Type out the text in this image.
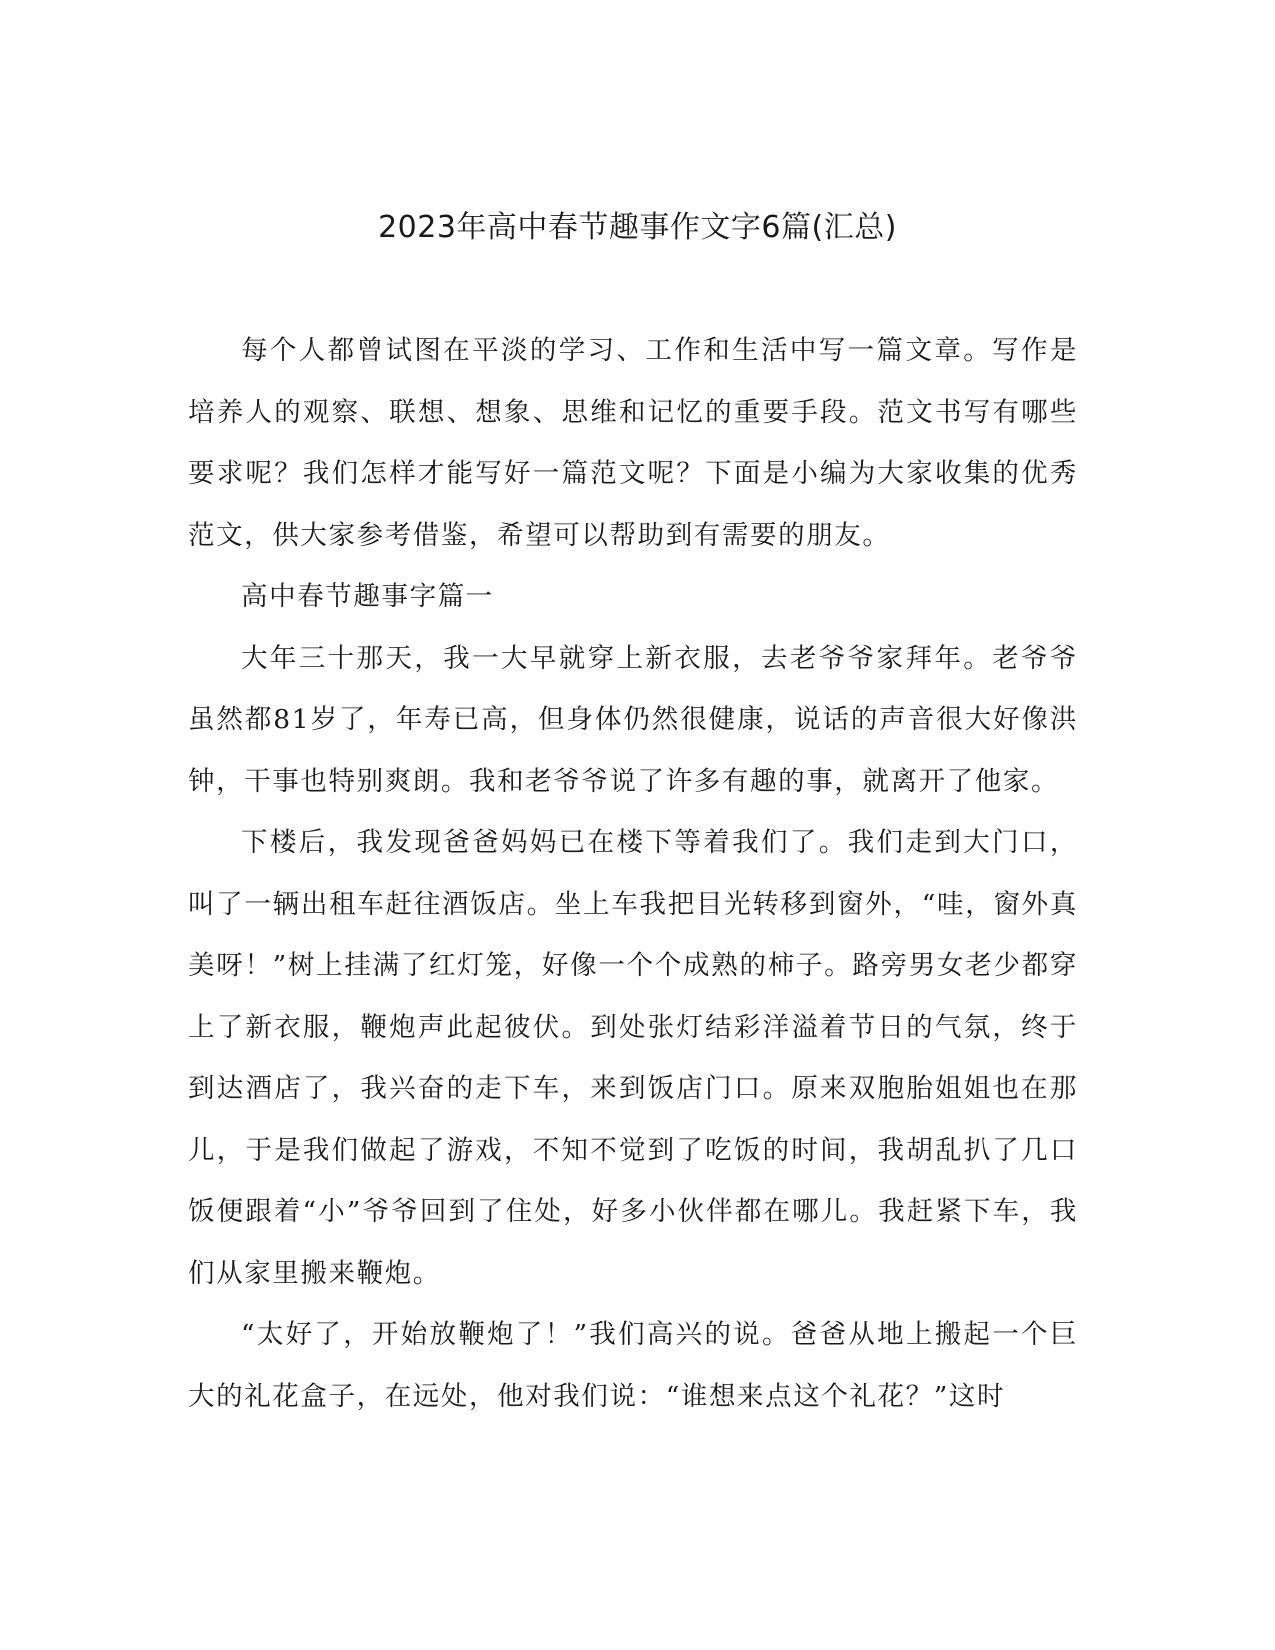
2023年高中春节趣事作文字6篇(汇总)

每个人都曾试图在平淡的学习、工作和生活中写一篇文章。写作是培养人的观察、联想、想象、思维和记忆的重要手段。范文书写有哪些要求呢？我们怎样才能写好一篇范文呢？下面是小编为大家收集的优秀范文，供大家参考借鉴，希望可以帮助到有需要的朋友。

高中春节趣事字篇一

大年三十那天，我一大早就穿上新衣服，去老爷爷家拜年。老爷爷虽然都81岁了，年寿已高，但身体仍然很健康，说话的声音很大好像洪钟，干事也特别爽朗。我和老爷爷说了许多有趣的事，就离开了他家。

下楼后，我发现爸爸妈妈已在楼下等着我们了。我们走到大门口，叫了一辆出租车赶往酒饭店。坐上车我把目光转移到窗外，“哇，窗外真美呀！”树上挂满了红灯笼，好像一个个成熟的柿子。路旁男女老少都穿上了新衣服，鞭炮声此起彼伏。到处张灯结彩洋溢着节日的气氛，终于到达酒店了，我兴奋的走下车，来到饭店门口。原来双胞胎姐姐也在那儿，于是我们做起了游戏，不知不觉到了吃饭的时间，我胡乱扒了几口饭便跟着“小”爷爷回到了住处，好多小伙伴都在哪儿。我赶紧下车，我们从家里搬来鞭炮。

“太好了，开始放鞭炮了！”我们高兴的说。爸爸从地上搬起一个巨大的礼花盒子，在远处，他对我们说：“谁想来点这个礼花？”这时
